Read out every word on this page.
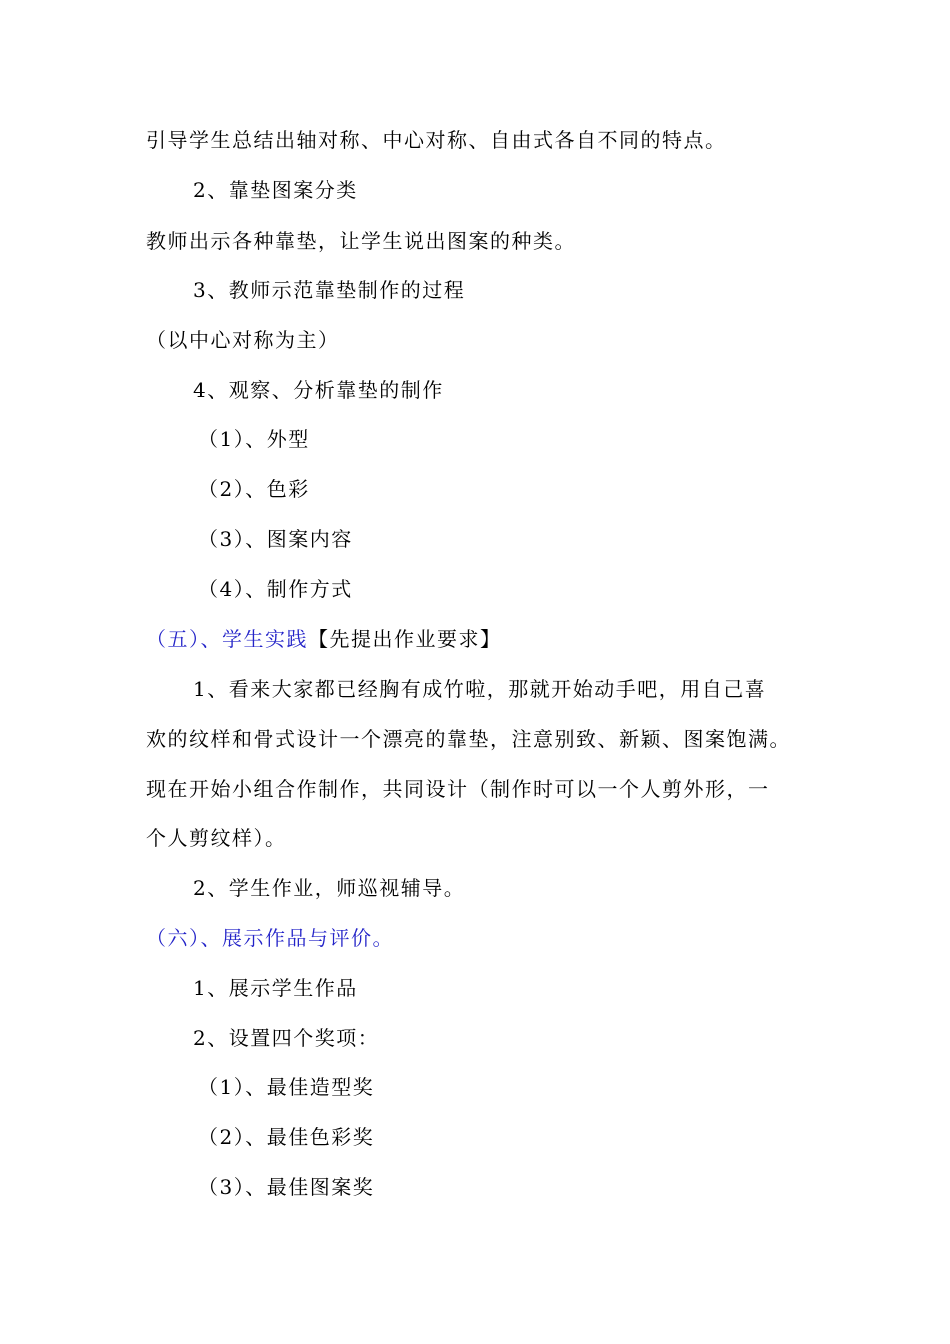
引导学生总结出轴对称、中心对称、自由式各自不同的特点。
2、靠垫图案分类
教师出示各种靠垫，让学生说出图案的种类。
3、教师示范靠垫制作的过程
（以中心对称为主）
4、观察、分析靠垫的制作
（1）、外型
（2）、色彩
（3）、图案内容
（4）、制作方式
（五）、学生实践【先提出作业要求】
1、看来大家都已经胸有成竹啦，那就开始动手吧，用自己喜
欢的纹样和骨式设计一个漂亮的靠垫，注意别致、新颖、图案饱满。
现在开始小组合作制作，共同设计（制作时可以一个人剪外形，一
个人剪纹样）。
2、学生作业，师巡视辅导。
（六）、展示作品与评价。
1、展示学生作品
2、设置四个奖项：
（1）、最佳造型奖
（2）、最佳色彩奖
（3）、最佳图案奖
